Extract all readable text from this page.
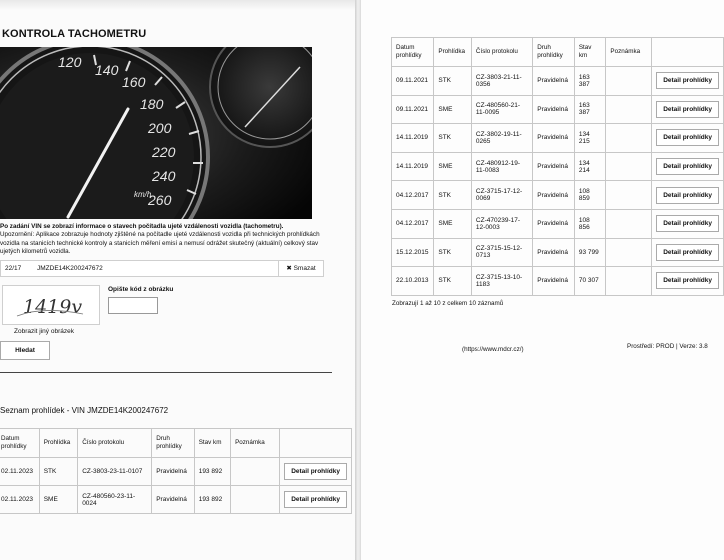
KONTROLA TACHOMETRU
120 140
160
180
200
220
240
260
km/h
Po zadání VIN se zobrazí informace o stavech počítadla ujeté vzdálenosti vozidla (tachometru).
Upozornění: Aplikace zobrazuje hodnoty zjištěné na počítadle ujeté vzdálenosti vozidla při technických prohlídkách vozidla na stanicích technické kontroly a stanicích měření emisí a nemusí odrážet skutečný (aktuální) celkový stav ujetých kilometrů vozidla.
22/17 JMZDE14K200247672	✖ Smazat
1419v
Opište kód z obrázku
Zobrazit jiný obrázek
Hledat
Seznam prohlídek - VIN JMZDE14K200247672
Datum prohlídky	Prohlídka	Číslo protokolu	Druh prohlídky	Stav km	Poznámka	
02.11.2023	STK	CZ-3803-23-11-0107	Pravidelná	193 892		Detail prohlídky
02.11.2023	SME	CZ-480560-23-11-0024	Pravidelná	193 892		Detail prohlídky
Datum prohlídky	Prohlídka	Číslo protokolu	Druh prohlídky	Stav km	Poznámka	
09.11.2021	STK	CZ-3803-21-11-0356	Pravidelná	163 387		Detail prohlídky
09.11.2021	SME	CZ-480560-21-11-0095	Pravidelná	163 387		Detail prohlídky
14.11.2019	STK	CZ-3802-19-11-0265	Pravidelná	134 215		Detail prohlídky
14.11.2019	SME	CZ-480912-19-11-0083	Pravidelná	134 214		Detail prohlídky
04.12.2017	STK	CZ-3715-17-12-0069	Pravidelná	108 859		Detail prohlídky
04.12.2017	SME	CZ-470239-17-12-0003	Pravidelná	108 856		Detail prohlídky
15.12.2015	STK	CZ-3715-15-12-0713	Pravidelná	93 799		Detail prohlídky
22.10.2013	STK	CZ-3715-13-10-1183	Pravidelná	70 307		Detail prohlídky
Zobrazují 1 až 10 z celkem 10 záznamů
(https://www.mdcr.cz/)	Prostředí: PROD | Verze: 3.8
